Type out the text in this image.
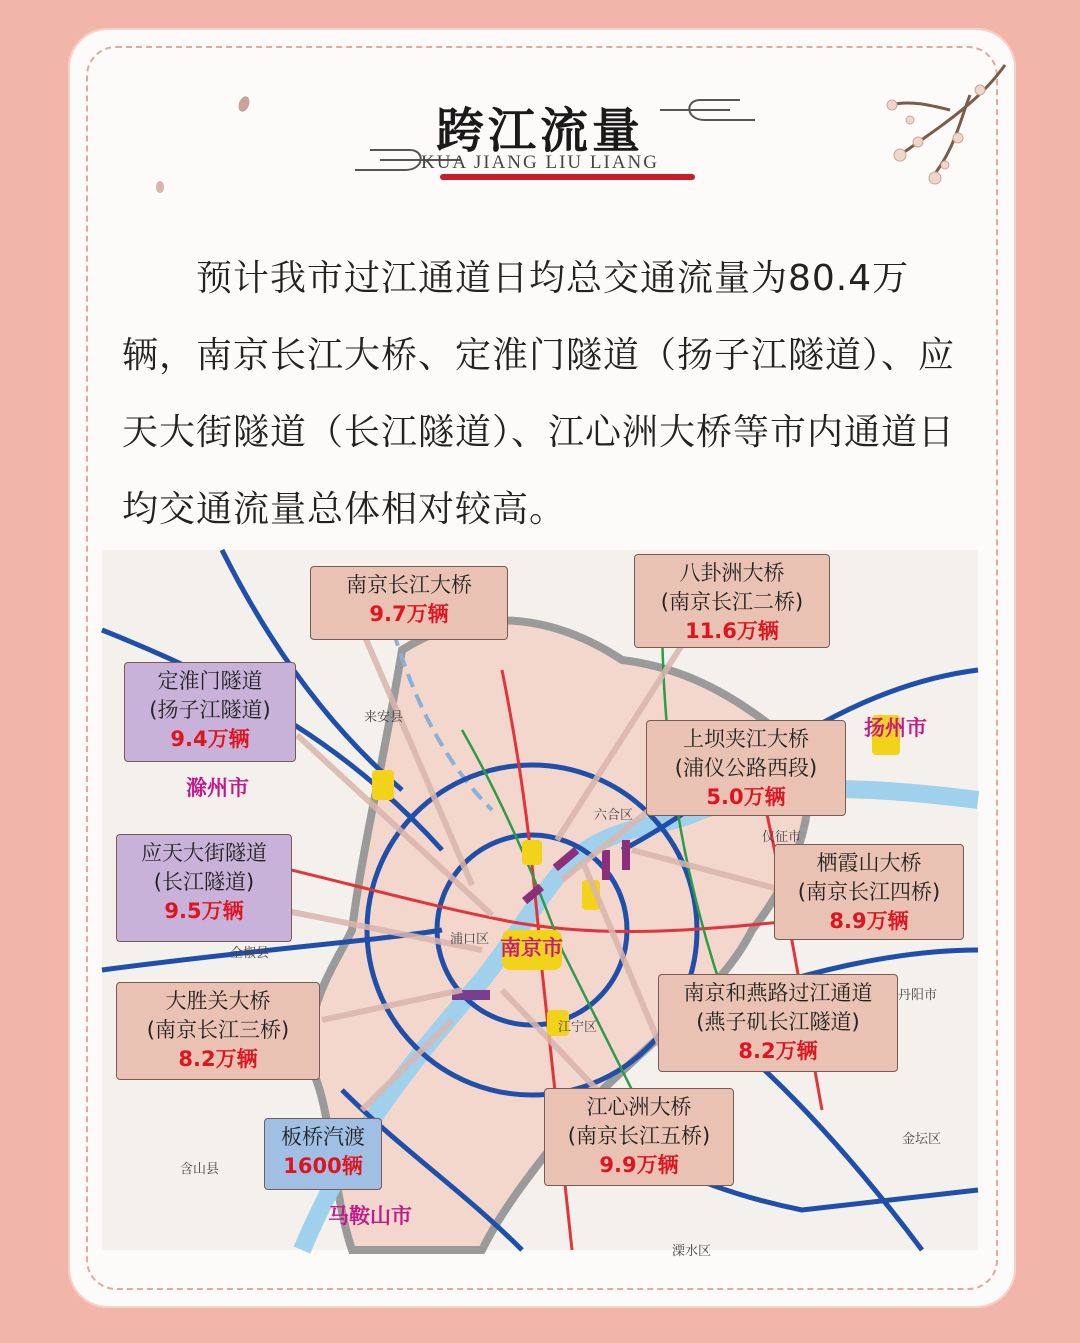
跨江流量
KUA JIANG LIU LIANG
预计我市过江通道日均总交通流量为80.4万辆，南京长江大桥、定淮门隧道（扬子江隧道）、应天大街隧道（长江隧道）、江心洲大桥等市内通道日均交通流量总体相对较高。
南京长江大桥
9.7万辆
八卦洲大桥
(南京长江二桥)
11.6万辆
定淮门隧道
(扬子江隧道)
9.4万辆	上坝夹江大桥
(浦仪公路西段)
5.0万辆
应天大街隧道
(长江隧道)
9.5万辆
栖霞山大桥
(南京长江四桥)
8.9万辆
大胜关大桥
(南京长江三桥)
8.2万辆
南京和燕路过江通道
(燕子矶长江隧道)
8.2万辆
江心洲大桥
(南京长江五桥)
9.9万辆
板桥汽渡
1600辆
滁州市
扬州市
南京市
马鞍山市
来安县
六合区
仪征市
全椒县
浦口区
江宁区
丹阳市
金坛区
含山县
溧水区
